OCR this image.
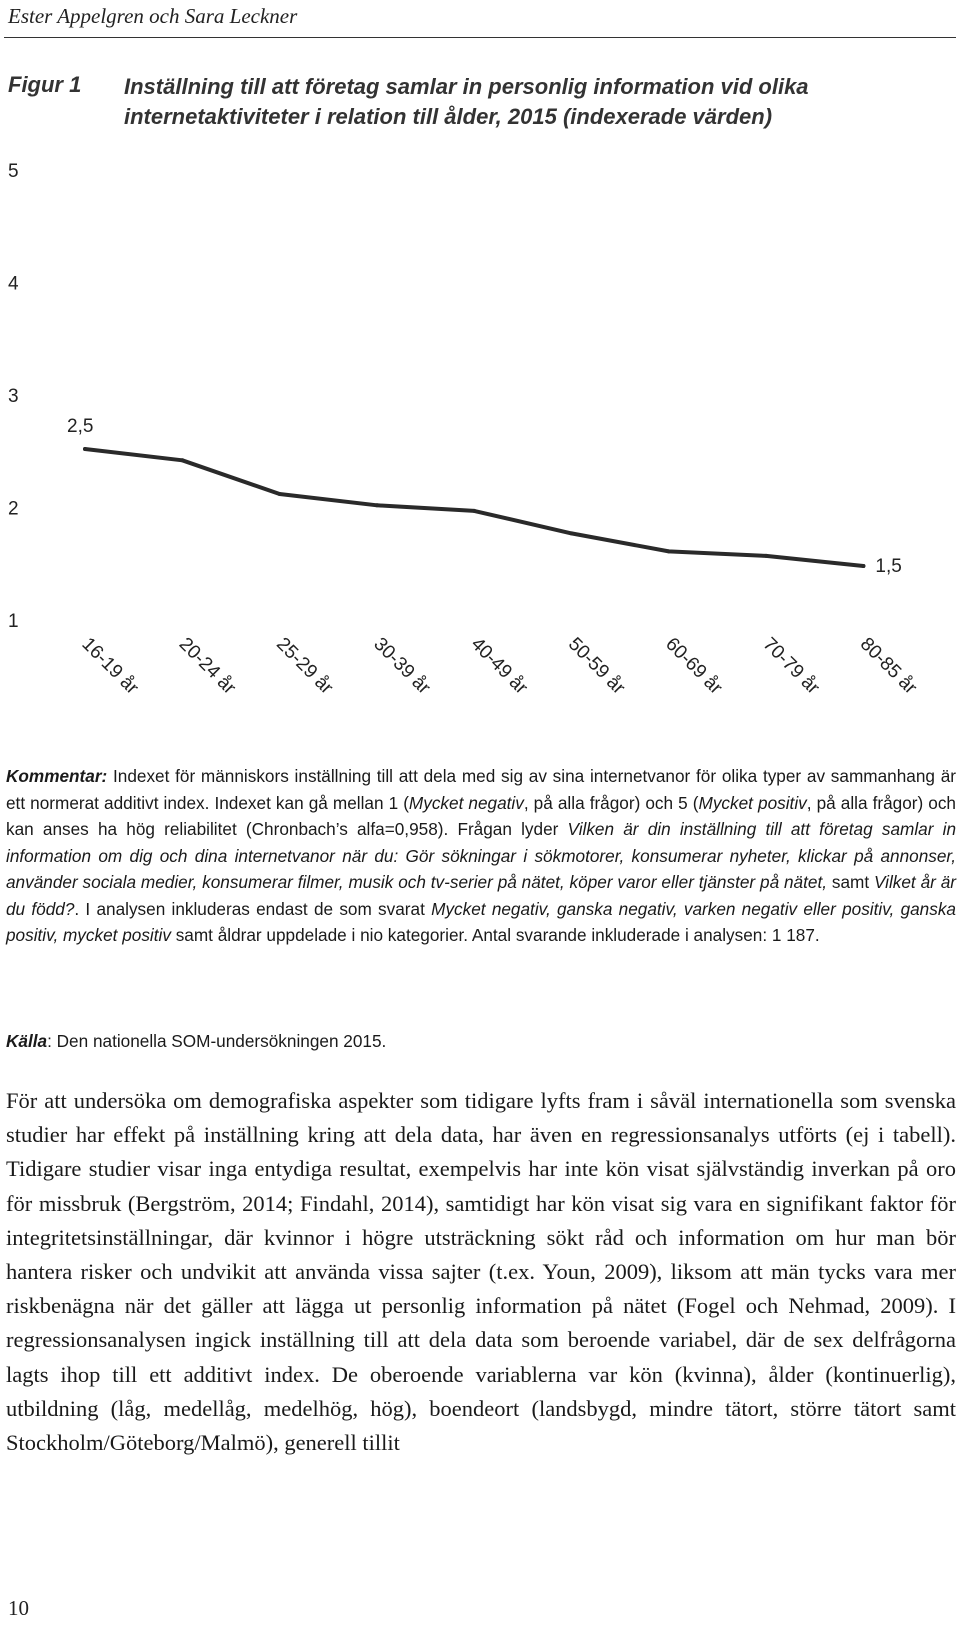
Ester Appelgren och Sara Leckner
Figur 1 Inställning till att företag samlar in personlig information vid olika
internetaktiviteter i relation till ålder, 2015 (indexerade värden)
1
2
3
4
5
2,5
1,5
16-19 år 20-24 år 25-29 år 30-39 år 40-49 år 50-59 år 60-69 år 70-79 år 80-85 år
Kommentar: Indexet för människors inställning till att dela med sig av sina internetvanor för olika typer av sammanhang är ett normerat additivt index. Indexet kan gå mellan 1 (Mycket negativ, på alla frågor) och 5 (Mycket positiv, på alla frågor) och kan anses ha hög reliabilitet (Chronbach’s alfa=0,958). Frågan lyder Vilken är din inställning till att företag samlar in information om dig och dina internetvanor när du: Gör sökningar i sökmotorer, konsumerar nyheter, klickar på annonser, använder sociala medier, konsumerar filmer, musik och tv-serier på nätet, köper varor eller tjänster på nätet, samt Vilket år är du född?. I analysen inkluderas endast de som svarat Mycket negativ, ganska negativ, varken negativ eller positiv, ganska positiv, mycket positiv samt åldrar uppdelade i nio kategorier. Antal svarande inkluderade i analysen: 1 187.
Källa: Den nationella SOM-undersökningen 2015.
För att undersöka om demografiska aspekter som tidigare lyfts fram i såväl internationella som svenska studier har effekt på inställning kring att dela data, har även en regressionsanalys utförts (ej i tabell). Tidigare studier visar inga entydiga resultat, exempelvis har inte kön visat självständig inverkan på oro för missbruk (Bergström, 2014; Findahl, 2014), samtidigt har kön visat sig vara en signifikant faktor för integritetsinställningar, där kvinnor i högre utsträckning sökt råd och information om hur man bör hantera risker och undvikit att använda vissa sajter (t.ex. Youn, 2009), liksom att män tycks vara mer riskbenägna när det gäller att lägga ut personlig information på nätet (Fogel och Nehmad, 2009). I regressionsanalysen ingick inställning till att dela data som beroende variabel, där de sex delfrågorna lagts ihop till ett additivt index. De oberoende variablerna var kön (kvinna), ålder (kontinuerlig), utbildning (låg, medellåg, medelhög, hög), boendeort (landsbygd, mindre tätort, större tätort samt Stockholm/Göteborg/Malmö), generell tillit
10
